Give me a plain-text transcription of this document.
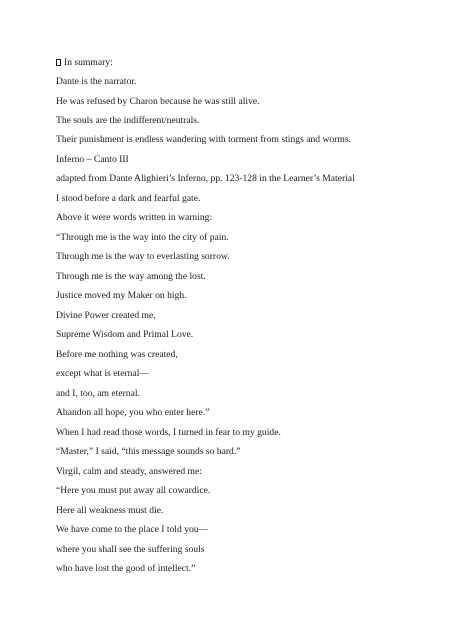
In summary:

Dante is the narrator.

He was refused by Charon because he was still alive.

The souls are the indifferent/neutrals.

Their punishment is endless wandering with torment from stings and worms.

Inferno – Canto III

adapted from Dante Alighieri’s Inferno, pp. 123-128 in the Learner’s Material

I stood before a dark and fearful gate.

Above it were words written in warning:

“Through me is the way into the city of pain.

Through me is the way to everlasting sorrow.

Through me is the way among the lost.

Justice moved my Maker on high.

Divine Power created me,

Supreme Wisdom and Primal Love.

Before me nothing was created,

except what is eternal—

and I, too, am eternal.

Abandon all hope, you who enter here.”

When I had read those words, I turned in fear to my guide.

“Master,” I said, “this message sounds so hard.”

Virgil, calm and steady, answered me:

“Here you must put away all cowardice.

Here all weakness must die.

We have come to the place I told you—

where you shall see the suffering souls

who have lost the good of intellect.”
